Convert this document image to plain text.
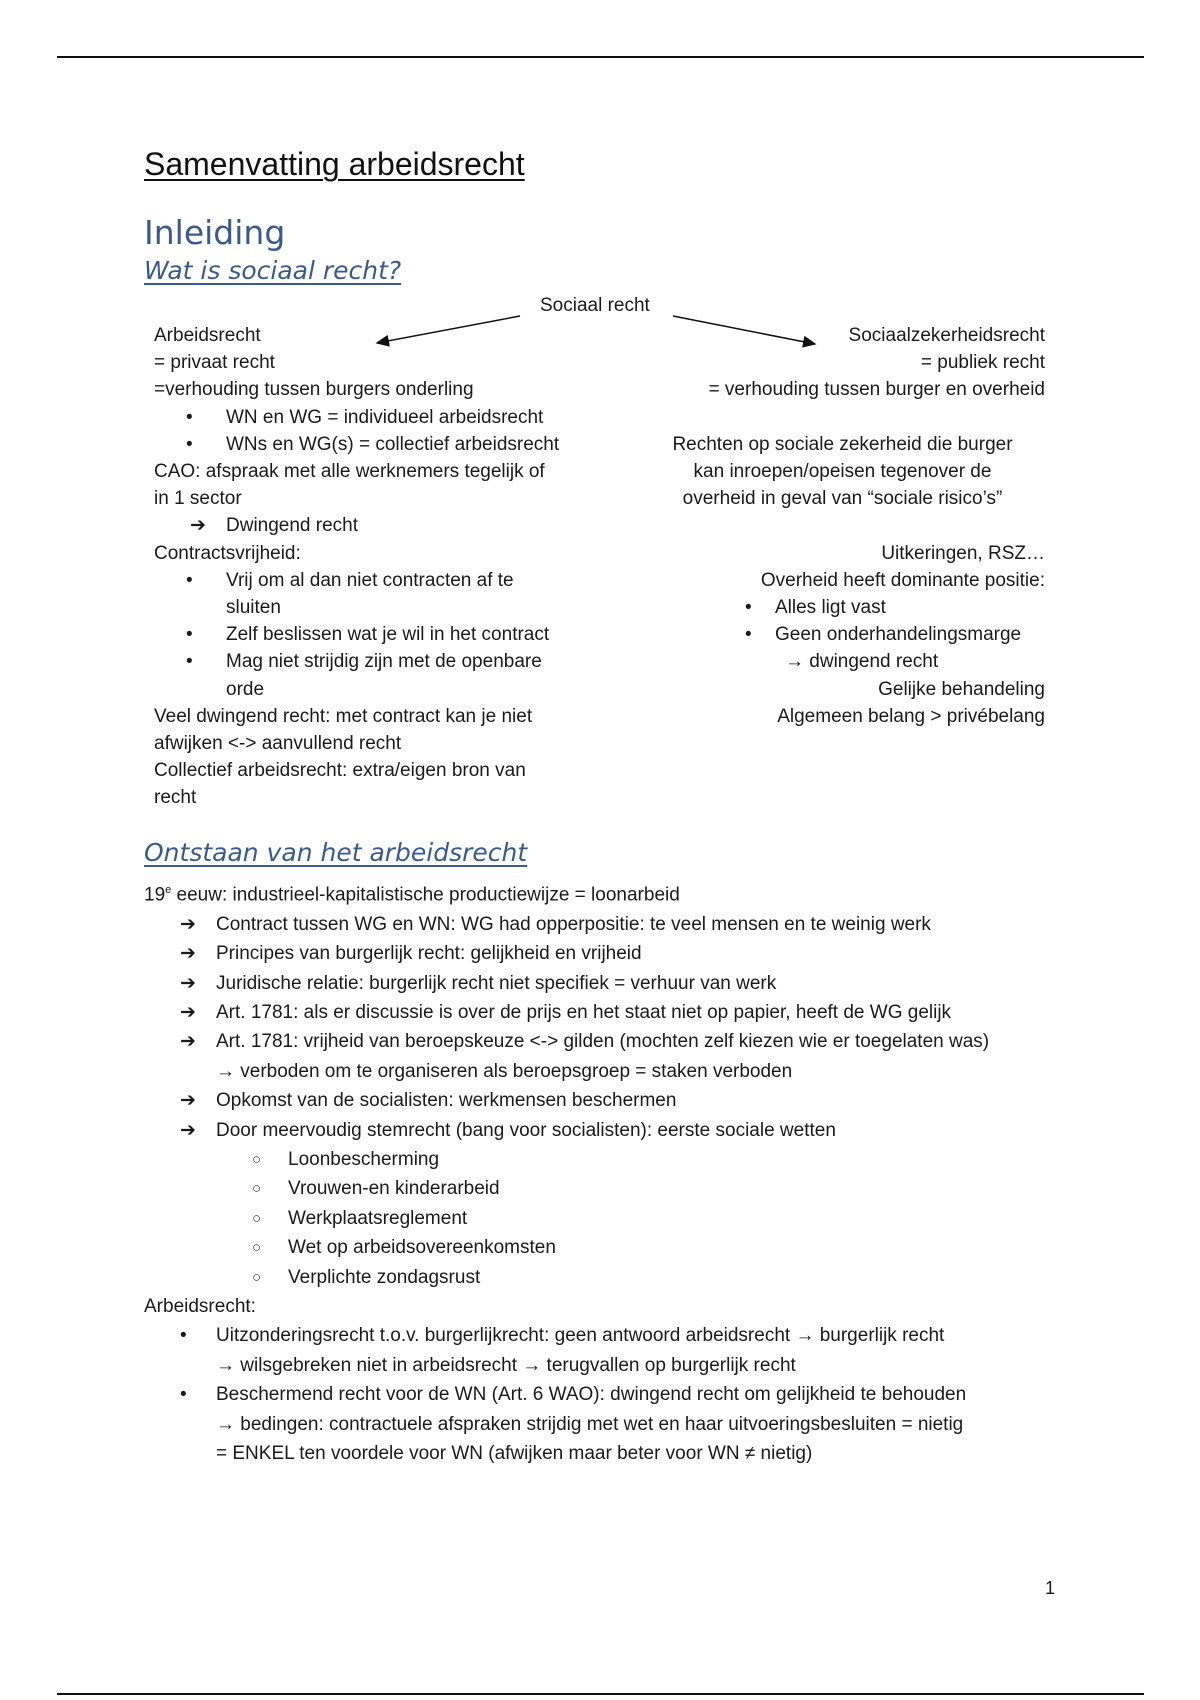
Samenvatting arbeidsrecht
Inleiding
Wat is sociaal recht?
Sociaal recht
Arbeidsrecht
= privaat recht
=verhouding tussen burgers onderling
• WN en WG = individueel arbeidsrecht
• WNs en WG(s) = collectief arbeidsrecht
CAO: afspraak met alle werknemers tegelijk of
in 1 sector
➔ Dwingend recht
Contractsvrijheid:
• Vrij om al dan niet contracten af te
sluiten
• Zelf beslissen wat je wil in het contract
• Mag niet strijdig zijn met de openbare
orde
Veel dwingend recht: met contract kan je niet
afwijken <-> aanvullend recht
Collectief arbeidsrecht: extra/eigen bron van
recht
Sociaalzekerheidsrecht
= publiek recht
= verhouding tussen burger en overheid
Rechten op sociale zekerheid die burger
kan inroepen/opeisen tegenover de
overheid in geval van “sociale risico’s”
Uitkeringen, RSZ…
Overheid heeft dominante positie:
• Alles ligt vast
• Geen onderhandelingsmarge
→ dwingend recht
Gelijke behandeling
Algemeen belang > privébelang
Ontstaan van het arbeidsrecht
19e eeuw: industrieel-kapitalistische productiewijze = loonarbeid
➔ Contract tussen WG en WN: WG had opperpositie: te veel mensen en te weinig werk
➔ Principes van burgerlijk recht: gelijkheid en vrijheid
➔ Juridische relatie: burgerlijk recht niet specifiek = verhuur van werk
➔ Art. 1781: als er discussie is over de prijs en het staat niet op papier, heeft de WG gelijk
➔ Art. 1781: vrijheid van beroepskeuze <-> gilden (mochten zelf kiezen wie er toegelaten was)
→ verboden om te organiseren als beroepsgroep = staken verboden
➔ Opkomst van de socialisten: werkmensen beschermen
➔ Door meervoudig stemrecht (bang voor socialisten): eerste sociale wetten
○ Loonbescherming
○ Vrouwen-en kinderarbeid
○ Werkplaatsreglement
○ Wet op arbeidsovereenkomsten
○ Verplichte zondagsrust
Arbeidsrecht:
• Uitzonderingsrecht t.o.v. burgerlijkrecht: geen antwoord arbeidsrecht → burgerlijk recht
→ wilsgebreken niet in arbeidsrecht → terugvallen op burgerlijk recht
• Beschermend recht voor de WN (Art. 6 WAO): dwingend recht om gelijkheid te behouden
→ bedingen: contractuele afspraken strijdig met wet en haar uitvoeringsbesluiten = nietig
= ENKEL ten voordele voor WN (afwijken maar beter voor WN ≠ nietig)
1
